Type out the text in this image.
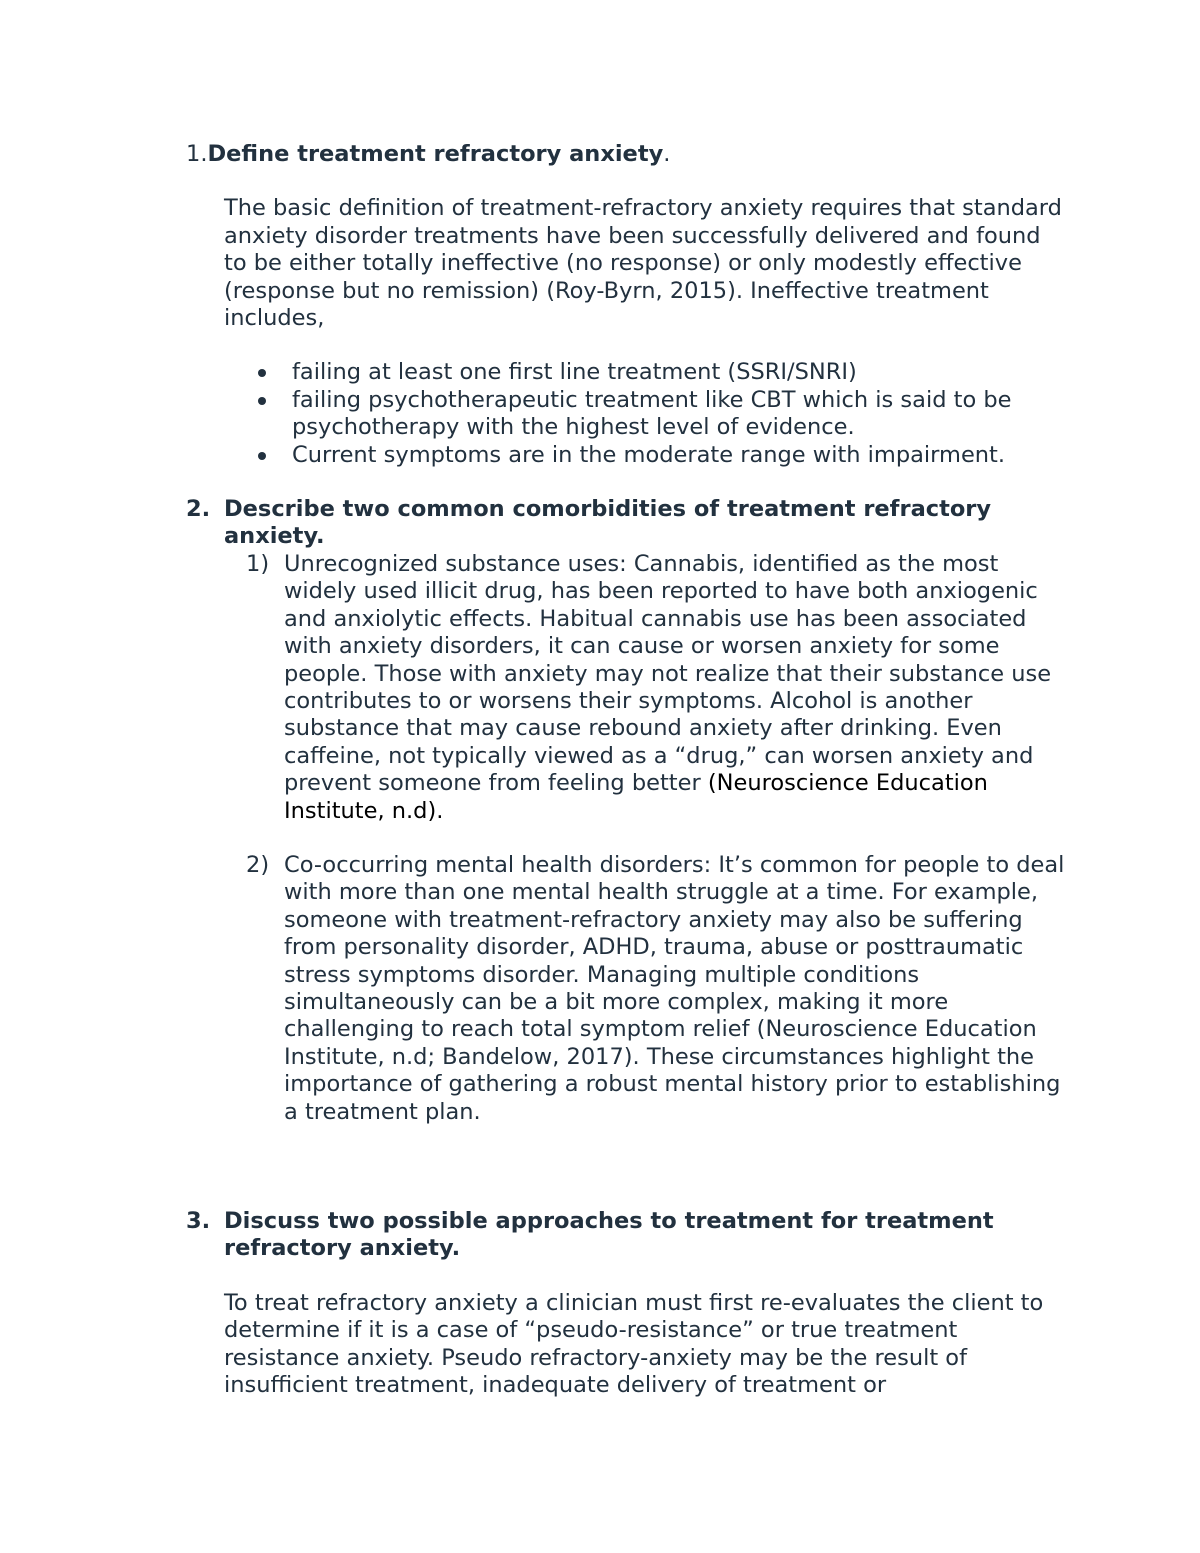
1. Define treatment refractory anxiety.
The basic definition of treatment-refractory anxiety requires that standard anxiety disorder treatments have been successfully delivered and found to be either totally ineffective (no response) or only modestly effective (response but no remission) (Roy-Byrn, 2015). Ineffective treatment includes,
failing at least one first line treatment (SSRI/SNRI)
failing psychotherapeutic treatment like CBT which is said to be psychotherapy with the highest level of evidence.
Current symptoms are in the moderate range with impairment.
2. Describe two common comorbidities of treatment refractory anxiety.
1) Unrecognized substance uses: Cannabis, identified as the most widely used illicit drug, has been reported to have both anxiogenic and anxiolytic effects. Habitual cannabis use has been associated with anxiety disorders, it can cause or worsen anxiety for some people. Those with anxiety may not realize that their substance use contributes to or worsens their symptoms. Alcohol is another substance that may cause rebound anxiety after drinking. Even caffeine, not typically viewed as a “drug,” can worsen anxiety and prevent someone from feeling better (Neuroscience Education Institute, n.d).
2) Co-occurring mental health disorders: It’s common for people to deal with more than one mental health struggle at a time. For example, someone with treatment-refractory anxiety may also be suffering from personality disorder, ADHD, trauma, abuse or posttraumatic stress symptoms disorder. Managing multiple conditions simultaneously can be a bit more complex, making it more challenging to reach total symptom relief (Neuroscience Education Institute, n.d; Bandelow, 2017). These circumstances highlight the importance of gathering a robust mental history prior to establishing a treatment plan.
3. Discuss two possible approaches to treatment for treatment refractory anxiety.
To treat refractory anxiety a clinician must first re-evaluates the client to determine if it is a case of “pseudo-resistance” or true treatment resistance anxiety. Pseudo refractory-anxiety may be the result of insufficient treatment, inadequate delivery of treatment or
